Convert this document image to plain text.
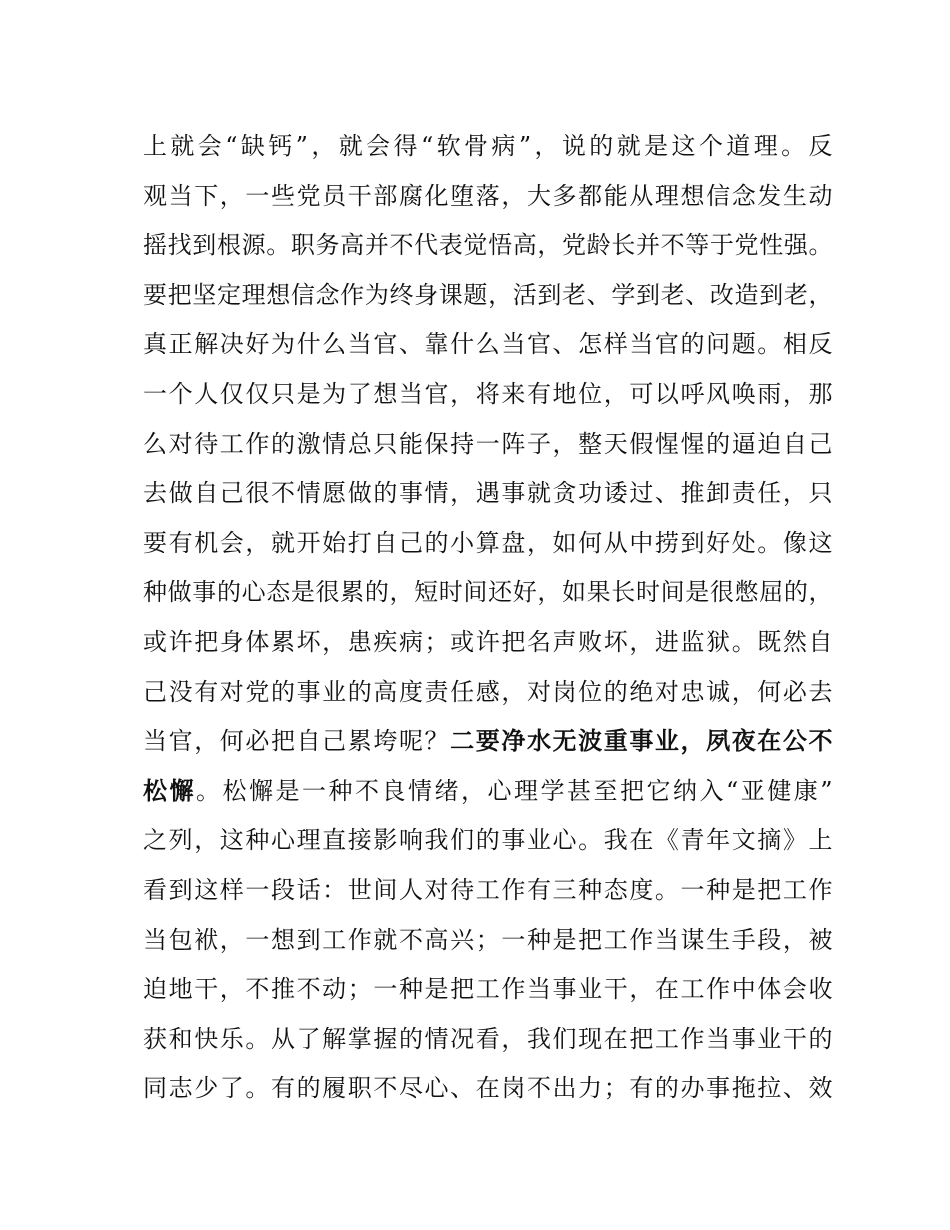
上就会“缺钙”，就会得“软骨病”，说的就是这个道理。反
观当下，一些党员干部腐化堕落，大多都能从理想信念发生动
摇找到根源。职务高并不代表觉悟高，党龄长并不等于党性强。
要把坚定理想信念作为终身课题，活到老、学到老、改造到老，
真正解决好为什么当官、靠什么当官、怎样当官的问题。相反
一个人仅仅只是为了想当官，将来有地位，可以呼风唤雨，那
么对待工作的激情总只能保持一阵子，整天假惺惺的逼迫自己
去做自己很不情愿做的事情，遇事就贪功诿过、推卸责任，只
要有机会，就开始打自己的小算盘，如何从中捞到好处。像这
种做事的心态是很累的，短时间还好，如果长时间是很憋屈的，
或许把身体累坏，患疾病；或许把名声败坏，进监狱。既然自
己没有对党的事业的高度责任感，对岗位的绝对忠诚，何必去
当官，何必把自己累垮呢？二要净水无波重事业，夙夜在公不
松懈。松懈是一种不良情绪，心理学甚至把它纳入“亚健康”
之列，这种心理直接影响我们的事业心。我在《青年文摘》上
看到这样一段话：世间人对待工作有三种态度。一种是把工作
当包袱，一想到工作就不高兴；一种是把工作当谋生手段，被
迫地干，不推不动；一种是把工作当事业干，在工作中体会收
获和快乐。从了解掌握的情况看，我们现在把工作当事业干的
同志少了。有的履职不尽心、在岗不出力；有的办事拖拉、效
